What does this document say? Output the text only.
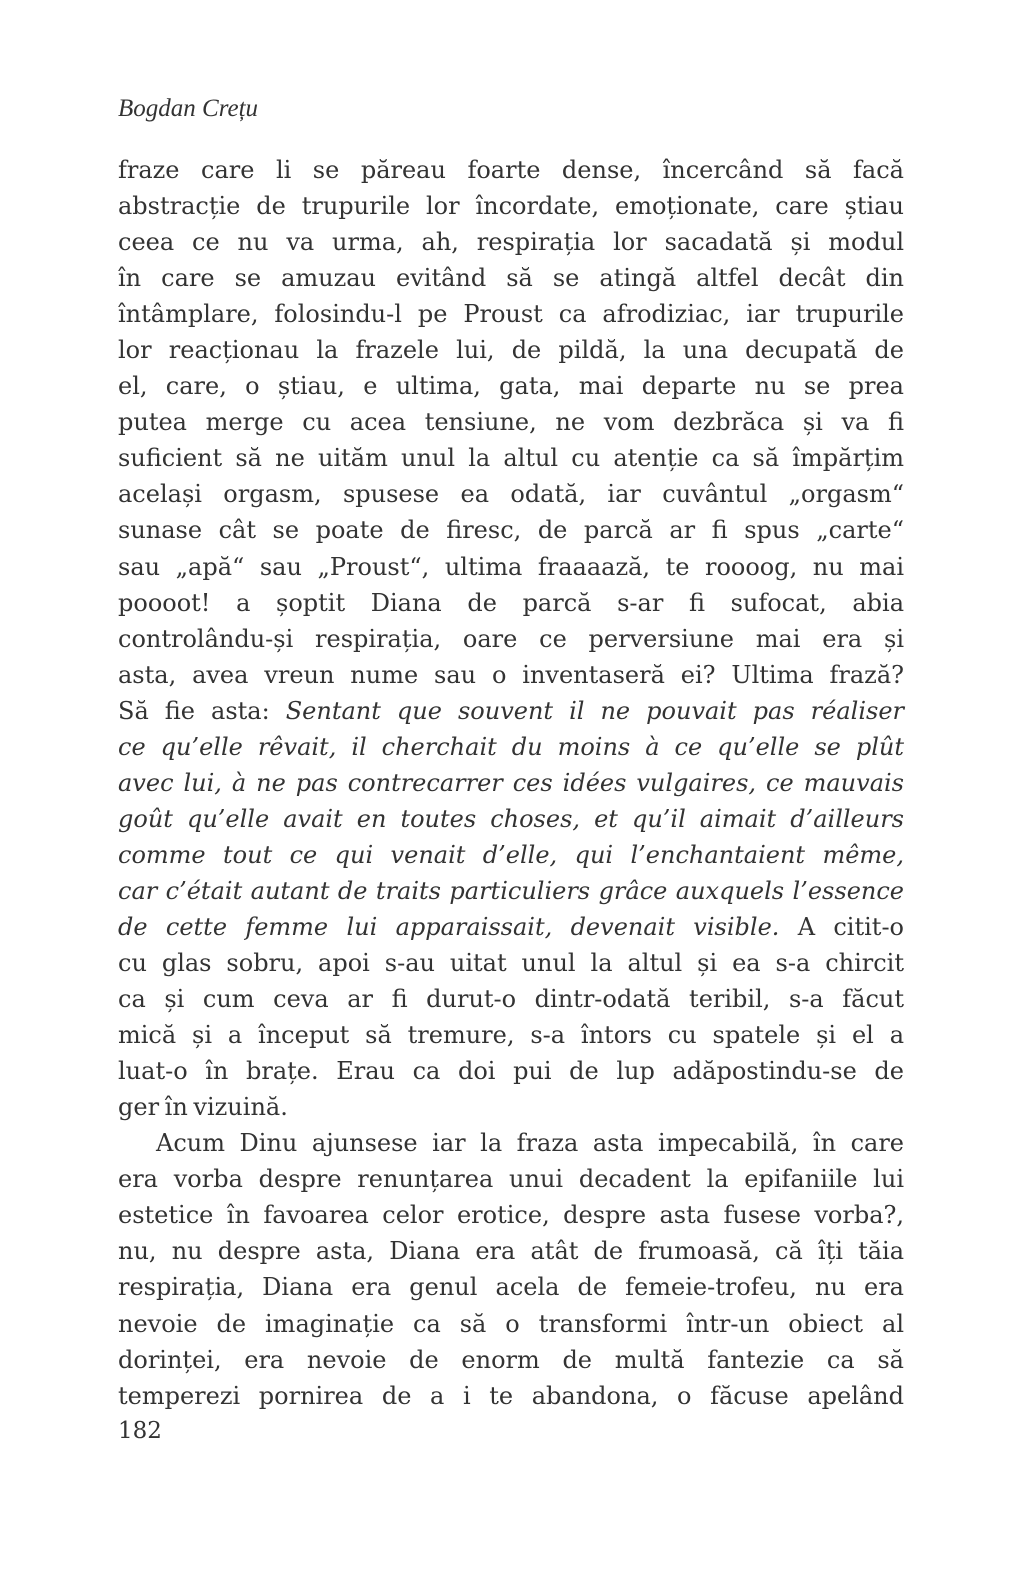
Bogdan Crețu
fraze care li se păreau foarte dense, încercând să facă
abstracție de trupurile lor încordate, emoționate, care știau
ceea ce nu va urma, ah, respirația lor sacadată și modul
în care se amuzau evitând să se atingă altfel decât din
întâmplare, folosindu-l pe Proust ca afrodiziac, iar trupurile
lor reacționau la frazele lui, de pildă, la una decupată de
el, care, o știau, e ultima, gata, mai departe nu se prea
putea merge cu acea tensiune, ne vom dezbrăca și va fi
suficient să ne uităm unul la altul cu atenție ca să împărțim
același orgasm, spusese ea odată, iar cuvântul „orgasm“
sunase cât se poate de firesc, de parcă ar fi spus „carte“
sau „apă“ sau „Proust“, ultima fraaaază, te roooog, nu mai
poooot! a șoptit Diana de parcă s-ar fi sufocat, abia
controlându-și respirația, oare ce perversiune mai era și
asta, avea vreun nume sau o inventaseră ei? Ultima frază?
Să fie asta: Sentant que souvent il ne pouvait pas réaliser
ce qu’elle rêvait, il cherchait du moins à ce qu’elle se plût
avec lui, à ne pas contrecarrer ces idées vulgaires, ce mauvais
goût qu’elle avait en toutes choses, et qu’il aimait d’ailleurs
comme tout ce qui venait d’elle, qui l’enchantaient même,
car c’était autant de traits particuliers grâce auxquels l’essence
de cette femme lui apparaissait, devenait visible. A citit-o
cu glas sobru, apoi s-au uitat unul la altul și ea s-a chircit
ca și cum ceva ar fi durut-o dintr-odată teribil, s-a făcut
mică și a început să tremure, s-a întors cu spatele și el a
luat-o în brațe. Erau ca doi pui de lup adăpostindu-se de
ger în vizuină.
Acum Dinu ajunsese iar la fraza asta impecabilă, în care
era vorba despre renunțarea unui decadent la epifaniile lui
estetice în favoarea celor erotice, despre asta fusese vorba?,
nu, nu despre asta, Diana era atât de frumoasă, că îți tăia
respirația, Diana era genul acela de femeie-trofeu, nu era
nevoie de imaginație ca să o transformi într-un obiect al
dorinței, era nevoie de enorm de multă fantezie ca să
temperezi pornirea de a i te abandona, o făcuse apelând
182
